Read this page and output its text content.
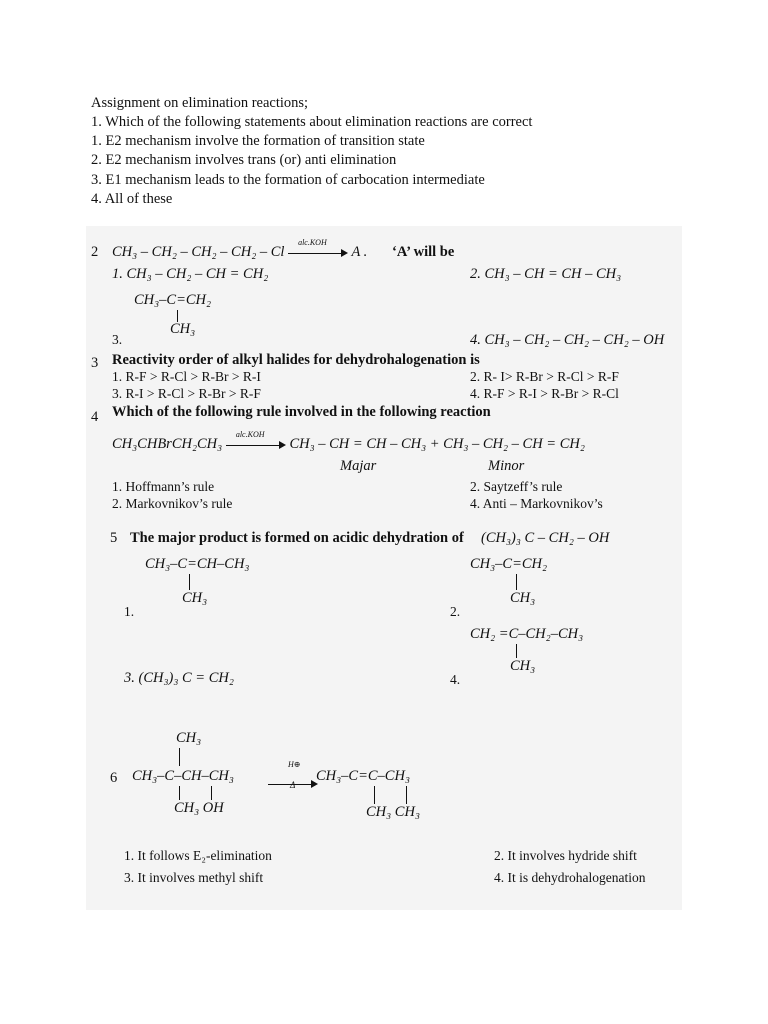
Assignment on elimination reactions;
1. Which of the following statements about elimination reactions are correct
1. E2 mechanism involve the formation of transition state
2. E2 mechanism involves trans (or) anti elimination
3. E1 mechanism leads to the formation of carbocation intermediate
4. All of these
2 CH₃ – CH₂ – CH₂ – CH₂ – Cl
alc.KOH
A . ‘A’ will be
1. CH₃ – CH₂ – CH = CH₂	2. CH₃ – CH = CH – CH₃
CH₃–C=CH₂
CH₃
3.	4. CH₃ – CH₂ – CH₂ – CH₂ – OH
3 Reactivity order of alkyl halides for dehydrohalogenation is
1. R-F > R-Cl > R-Br > R-I	2. R- I> R-Br > R-Cl > R-F
3. R-I > R-Cl > R-Br > R-F	4. R-F > R-I > R-Br > R-Cl
4 Which of the following rule involved in the following reaction
CH₃CHBrCH₂CH₃
alc.KOH
CH₃ – CH = CH – CH₃ + CH₃ – CH₂ – CH = CH₂
Majar	Minor
1. Hoffmann’s rule	2. Saytzeff’s rule
2. Markovnikov’s rule	4. Anti – Markovnikov’s
5 The major product is formed on acidic dehydration of (CH₃)₃ C – CH₂ – OH
CH₃–C=CH–CH₃
CH₃
1.
CH₃–C=CH₂
CH₃
2.
CH₂ =C–CH₂–CH₃
CH₃
3. (CH₃)₃ C = CH₂	4.
CH₃
6 CH₃–C–CH–CH₃
H⊕
Δ
CH₃–C=C–CH₃
CH₃ OH	CH₃ CH₃
1. It follows E₂-elimination	2. It involves hydride shift
3. It involves methyl shift	4. It is dehydrohalogenation
